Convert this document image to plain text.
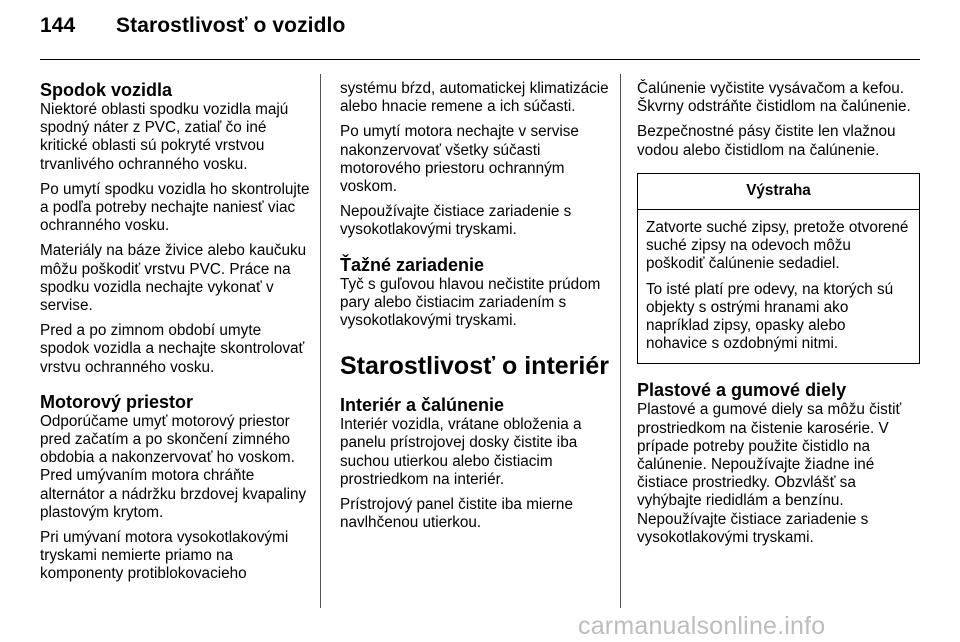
144 Starostlivosť o vozidlo
Spodok vozidla

Niektoré oblasti spodku vozidla majú spodný náter z PVC, zatiaľ čo iné kritické oblasti sú pokryté vrstvou trvanlivého ochranného vosku.

Po umytí spodku vozidla ho skontrolujte a podľa potreby nechajte naniesť viac ochranného vosku.

Materiály na báze živice alebo kaučuku môžu poškodiť vrstvu PVC. Práce na spodku vozidla nechajte vykonať v servise.

Pred a po zimnom období umyte spodok vozidla a nechajte skontrolovať vrstvu ochranného vosku.

Motorový priestor

Odporúčame umyť motorový priestor pred začatím a po skončení zimného obdobia a nakonzervovať ho voskom. Pred umývaním motora chráňte alternátor a nádržku brzdovej kvapaliny plastovým krytom.

Pri umývaní motora vysokotlakovými tryskami nemierte priamo na komponenty protiblokovacieho

systému bŕzd, automatickej klimatizácie alebo hnacie remene a ich súčasti.

Po umytí motora nechajte v servise nakonzervovať všetky súčasti motorového priestoru ochranným voskom.

Nepoužívajte čistiace zariadenie s vysokotlakovými tryskami.

Ťažné zariadenie

Tyč s guľovou hlavou nečistite prúdom pary alebo čistiacim zariadením s vysokotlakovými tryskami.

Starostlivosť o interiér
Interiér a čalúnenie

Interiér vozidla, vrátane obloženia a panelu prístrojovej dosky čistite iba suchou utierkou alebo čistiacim prostriedkom na interiér.

Prístrojový panel čistite iba mierne navlhčenou utierkou.

Čalúnenie vyčistite vysávačom a kefou. Škvrny odstráňte čistidlom na čalúnenie.

Bezpečnostné pásy čistite len vlažnou vodou alebo čistidlom na čalúnenie.

Výstraha

Zatvorte suché zipsy, pretože otvorené suché zipsy na odevoch môžu poškodiť čalúnenie sedadiel.

To isté platí pre odevy, na ktorých sú objekty s ostrými hranami ako napríklad zipsy, opasky alebo nohavice s ozdobnými nitmi.

Plastové a gumové diely

Plastové a gumové diely sa môžu čistiť prostriedkom na čistenie karosérie. V prípade potreby použite čistidlo na čalúnenie. Nepoužívajte žiadne iné čistiace prostriedky. Obzvlášť sa vyhýbajte riedidlám a benzínu. Nepoužívajte čistiace zariadenie s vysokotlakovými tryskami.

carmanualsonline.info
